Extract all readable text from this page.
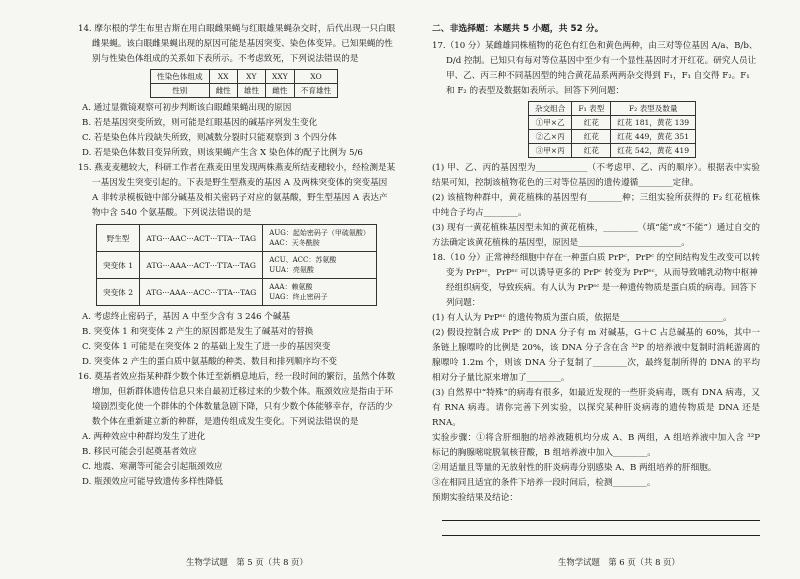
14. 摩尔根的学生布里吉斯在用白眼雌果蝇与红眼雄果蝇杂交时，后代出现一只白眼雌果蝇。该白眼雌果蝇出现的原因可能是基因突变、染色体变异。已知果蝇的性别与性染色体组成的关系如下表所示。不考虑致死，下列说法错误的是

性染色体组成	XX	XY	XXY	XO
性别	雌性	雄性	雌性	不育雄性

A. 通过显微镜观察可初步判断该白眼雌果蝇出现的原因

B. 若是基因突变所致，则可能是红眼基因的碱基序列发生变化

C. 若是染色体片段缺失所致，则减数分裂时只能观察到 3 个四分体

D. 若是染色体数目变异所致，则该果蝇产生含 X 染色体的配子比例为 5/6

15. 燕麦麦穗较大，科研工作者在燕麦田里发现两株燕麦所结麦穗较小，经检测是某一基因发生突变引起的。下表是野生型燕麦的基因 A 及两株突变体的突变基因 A 非转录模板链中部分碱基及相关密码子对应的氨基酸，野生型基因 A 表达产物中含 540 个氨基酸。下列说法错误的是

野生型	ATG···AAC···ACT···TTA···TAG	AUG：起始密码子（甲硫氨酸）
AAC：天冬酰胺

突变体 1	ATG···AAA···ACT···TTA···TAG	ACU、ACC：苏氨酸
UUA：亮氨酸

突变体 2	ATG···AAA···ACC···TTA···TAG	AAA：赖氨酸
UAG：终止密码子

A. 考虑终止密码子，基因 A 中至少含有 3 246 个碱基

B. 突变体 1 和突变体 2 产生的原因都是发生了碱基对的替换

C. 突变体 1 可能是在突变体 2 的基础上发生了进一步的基因突变

D. 突变体 2 产生的蛋白质中氨基酸的种类、数目和排列顺序均不变

16. 奠基者效应指某种群少数个体迁至新栖息地后，经一段时间的繁衍，虽然个体数增加，但新群体遗传信息只来自最初迁移过来的少数个体。瓶颈效应是指由于环境剧烈变化使一个群体的个体数量急剧下降，只有少数个体能够幸存，存活的少数个体在重新建立新的种群，是遗传组成发生变化。下列说法错误的是

A. 两种效应中种群均发生了进化

B. 移民可能会引起奠基者效应

C. 地震、寒潮等可能会引起瓶颈效应

D. 瓶颈效应可能导致遗传多样性降低

二、非选择题：本题共 5 小题，共 52 分。

17.（10 分）某雌雄同株植物的花色有红色和黄色两种，由三对等位基因 A/a、B/b、D/d 控制。已知只有每对等位基因中至少有一个显性基因时才开红花。研究人员让甲、乙、丙三种不同基因型的纯合黄花品系两两杂交得到 F₁，F₁ 自交得 F₂。F₁ 和 F₂ 的表型及数据如表所示。回答下列问题：

杂交组合	F₁ 表型	F₂ 表型及数量
①甲×乙	红花	红花 181，黄花 139
②乙×丙	红花	红花 449，黄花 351
③甲×丙	红花	红花 542，黄花 419

(1) 甲、乙、丙的基因型为____________（不考虑甲、乙、丙的顺序）。根据表中实验结果可知，控制该植物花色的三对等位基因的遗传遵循________定律。

(2) 该植物种群中，黄花植株的基因型有________种；三组实验所获得的 F₂ 红花植株中纯合子均占________。

(3) 现有一黄花植株基因型未知的黄花植株，________（填“能”或“不能”）通过自交的方法确定该黄花植株的基因型，原因是________________________。

18.（10 分）正常神经细胞中存在一种蛋白质 PrPᶜ，PrPᶜ 的空间结构发生改变可以转变为 PrPˢᶜ，PrPˢᶜ 可以诱导更多的 PrPᶜ 转变为 PrPˢᶜ，从而导致哺乳动物中枢神经组织病变，导致疾病。有人认为 PrPˢᶜ 是一种遗传物质是蛋白质的病毒。回答下列问题：

(1) 有人认为 PrPˢᶜ 的遗传物质为蛋白质，依据是________________________。

(2) 假设控制合成 PrPᶜ 的 DNA 分子有 m 对碱基，G＋C 占总碱基的 60%，其中一条链上腺嘌呤的比例是 20%，该 DNA 分子含在含 ³²P 的培养液中复制时消耗游离的腺嘌呤 1.2m 个，则该 DNA 分子复制了________次，最终复制所得的 DNA 的平均相对分子量比原来增加了________。

(3) 自然界中“特殊”的病毒有很多，如最近发现的一些肝炎病毒，既有 DNA 病毒，又有 RNA 病毒。请你完善下列实验，以探究某种肝炎病毒的遗传物质是 DNA 还是 RNA。

实验步骤：①将含肝细胞的培养液随机均分成 A、B 两组，A 组培养液中加入含 ³²P 标记的胸腺嘧啶脱氧核苷酸，B 组培养液中加入________。

②用适量且等量的无放射性的肝炎病毒分别感染 A、B 两组培养的肝细胞。

③在相同且适宜的条件下培养一段时间后，检测________。

预期实验结果及结论：

生物学试题　第 5 页（共 8 页）	生物学试题　第 6 页（共 8 页）
